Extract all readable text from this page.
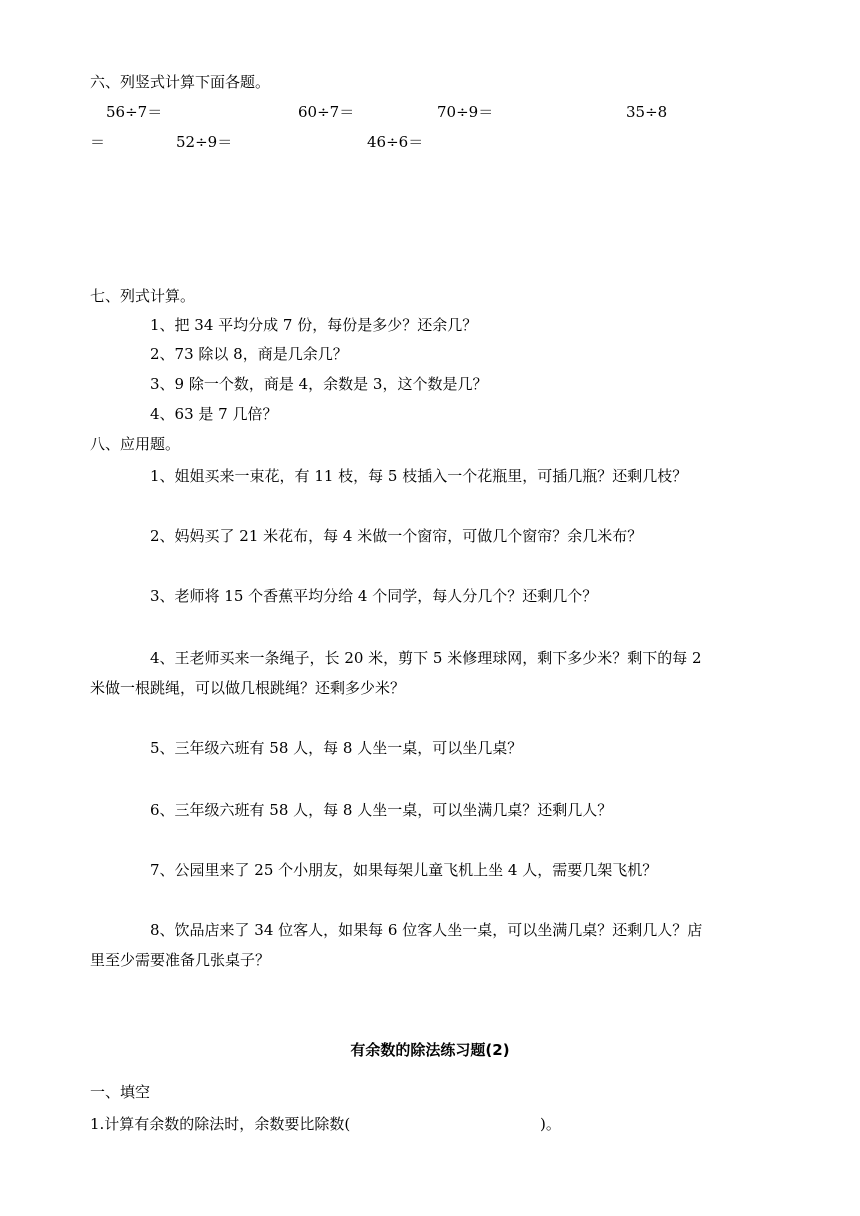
六、列竖式计算下面各题。
56÷7＝	60÷7＝	70÷9＝	35÷8
＝	52÷9＝	46÷6＝
七、列式计算。
1、把 34 平均分成 7 份，每份是多少？还余几？
2、73 除以 8，商是几余几？
3、9 除一个数，商是 4，余数是 3，这个数是几？
4、63 是 7 几倍？
八、应用题。
1、姐姐买来一束花，有 11 枝，每 5 枝插入一个花瓶里，可插几瓶？还剩几枝？
2、妈妈买了 21 米花布，每 4 米做一个窗帘，可做几个窗帘？余几米布？
3、老师将 15 个香蕉平均分给 4 个同学，每人分几个？还剩几个？
4、王老师买来一条绳子，长 20 米，剪下 5 米修理球网，剩下多少米？剩下的每 2
米做一根跳绳，可以做几根跳绳？还剩多少米？
5、三年级六班有 58 人，每 8 人坐一桌，可以坐几桌？
6、三年级六班有 58 人，每 8 人坐一桌，可以坐满几桌？还剩几人？
7、公园里来了 25 个小朋友，如果每架儿童飞机上坐 4 人，需要几架飞机？
8、饮品店来了 34 位客人，如果每 6 位客人坐一桌，可以坐满几桌？还剩几人？店
里至少需要准备几张桌子？
有余数的除法练习题(2)
一、填空
1.计算有余数的除法时，余数要比除数(	)。
